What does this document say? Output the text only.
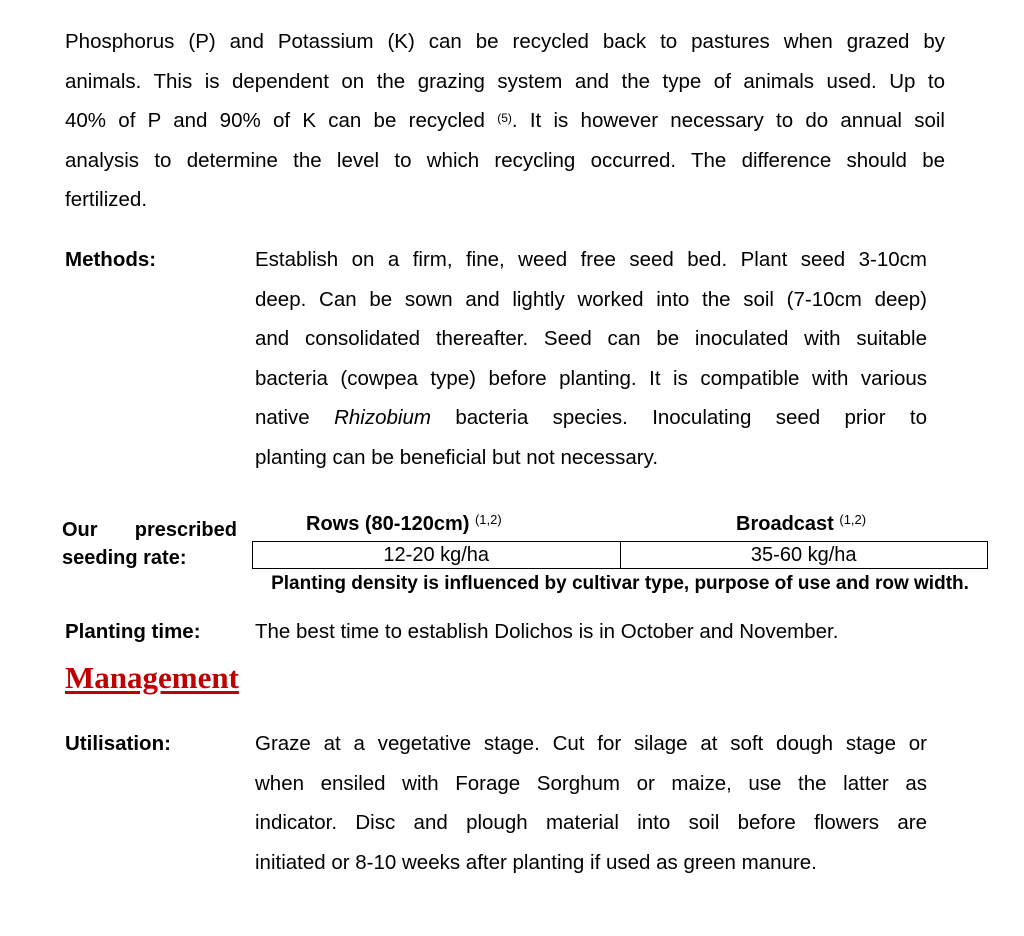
Phosphorus (P) and Potassium (K) can be recycled back to pastures when grazed by
animals. This is dependent on the grazing system and the type of animals used. Up to
40% of P and 90% of K can be recycled $^{(5)}$. It is however necessary to do annual soil
analysis to determine the level to which recycling occurred. The difference should be
fertilized.
Methods:	Establish on a firm, fine, weed free seed bed. Plant seed 3-10cm
deep. Can be sown and lightly worked into the soil (7-10cm deep)
and consolidated thereafter. Seed can be inoculated with suitable
bacteria (cowpea type) before planting. It is compatible with various
native Rhizobium bacteria species. Inoculating seed prior to
planting can be beneficial but not necessary.
Our prescribed
seeding rate:
Rows (80-120cm) $^{(1,2)}$	Broadcast $^{(1,2)}$
12-20 kg/ha	35-60 kg/ha
Planting density is influenced by cultivar type, purpose of use and row width.
Planting time:	The best time to establish Dolichos is in October and November.
Management
Utilisation:	Graze at a vegetative stage. Cut for silage at soft dough stage or
when ensiled with Forage Sorghum or maize, use the latter as
indicator. Disc and plough material into soil before flowers are
initiated or 8-10 weeks after planting if used as green manure.
